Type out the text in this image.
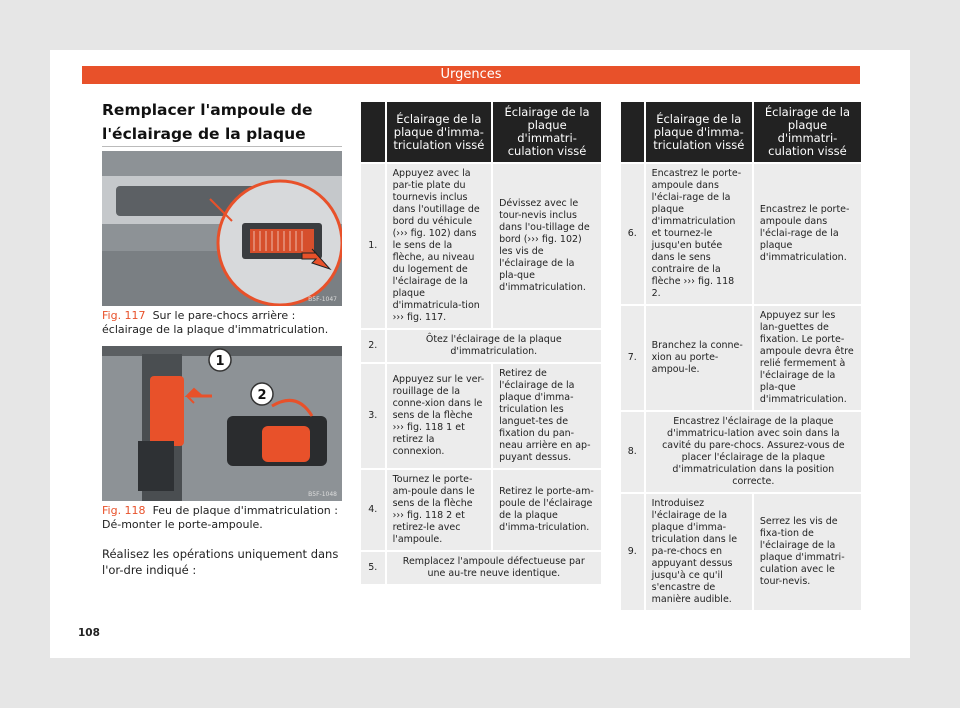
Urgences
Remplacer l'ampoule de l'éclairage de la plaque
B5F-1047
Fig. 117 Sur le pare-chocs arrière : éclairage de la plaque d'immatriculation.
1
2
B5F-1048
Fig. 118 Feu de plaque d'immatriculation : Dé-monter le porte-ampoule.
Réalisez les opérations uniquement dans l'or-dre indiqué :
108
	Éclairage de la plaque d'imma-triculation vissé	Éclairage de la plaque d'immatri-culation vissé
1.	Appuyez avec la par-tie plate du tournevis inclus dans l'outillage de bord du véhicule (››› fig. 102) dans le sens de la flèche, au niveau du logement de l'éclairage de la plaque d'immatricula-tion ››› fig. 117.	Dévissez avec le tour-nevis inclus dans l'ou-tillage de bord (››› fig. 102) les vis de l'éclairage de la pla-que d'immatriculation.
2.	Ôtez l'éclairage de la plaque d'immatriculation.	
3.	Appuyez sur le ver-rouillage de la conne-xion dans le sens de la flèche ››› fig. 118 1 et retirez la connexion.	Retirez de l'éclairage de la plaque d'imma-triculation les languet-tes de fixation du pan-neau arrière en ap-puyant dessus.
4.	Tournez le porte-am-poule dans le sens de la flèche ››› fig. 118 2 et retirez-le avec l'ampoule.	Retirez le porte-am-poule de l'éclairage de la plaque d'imma-triculation.
5.	Remplacez l'ampoule défectueuse par une au-tre neuve identique.	
	Éclairage de la plaque d'imma-triculation vissé	Éclairage de la plaque d'immatri-culation vissé
6.	Encastrez le porte-ampoule dans l'éclai-rage de la plaque d'immatriculation et tournez-le jusqu'en butée dans le sens contraire de la flèche ››› fig. 118 2.	Encastrez le porte-ampoule dans l'éclai-rage de la plaque d'immatriculation.
7.	Branchez la conne-xion au porte-ampou-le.	Appuyez sur les lan-guettes de fixation. Le porte-ampoule devra être relié fermement à l'éclairage de la pla-que d'immatriculation.
8.	Encastrez l'éclairage de la plaque d'immatricu-lation avec soin dans la cavité du pare-chocs. Assurez-vous de placer l'éclairage de la plaque d'immatriculation dans la position correcte.	
9.	Introduisez l'éclairage de la plaque d'imma-triculation dans le pa-re-chocs en appuyant dessus jusqu'à ce qu'il s'encastre de manière audible.	Serrez les vis de fixa-tion de l'éclairage de la plaque d'immatri-culation avec le tour-nevis.
